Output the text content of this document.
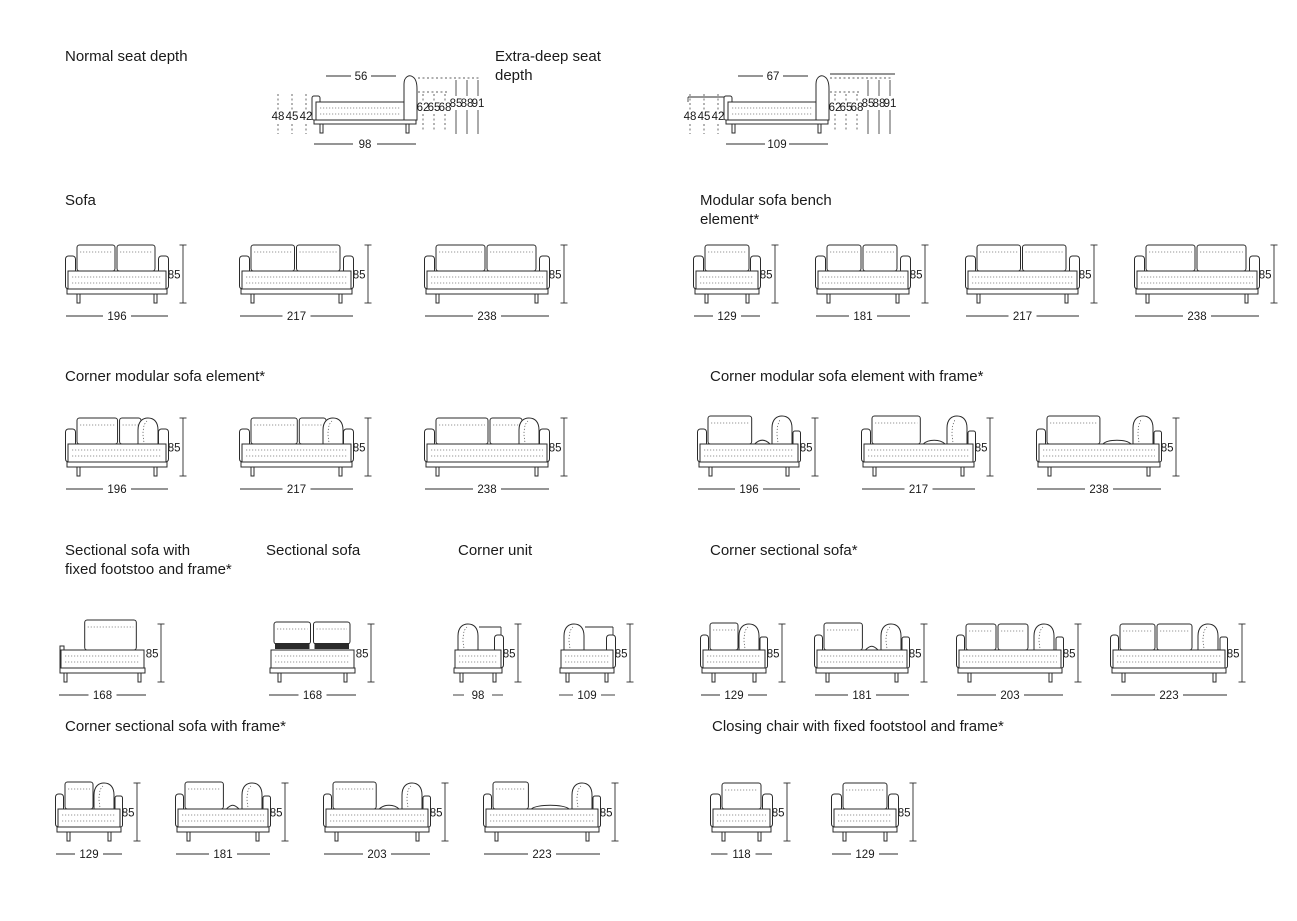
Normal seat depth	Extra-deep seat
depth
Sofa	Modular sofa bench
element*
Corner modular sofa element*	Corner modular sofa element with frame*
Sectional sofa with
fixed footstoo and frame*
Sectional sofa	Corner unit	Corner sectional sofa*
Corner sectional sofa with frame*	Closing chair with fixed footstool and frame*
48 45 42
56
62
65
68
85
88
91
98
48 45 42
67
62
65
68
85
88
91
109
85
196
85
217
85
238
85
129
85
181
85
217
85
238
85
196
85
217
85
238
85
196
85
217
85
238
85
168
85
168
85
98
85
109
85
129
85
181
85
203
85
223
85
129
85
181
85
203
85
223
85
118
85
129
